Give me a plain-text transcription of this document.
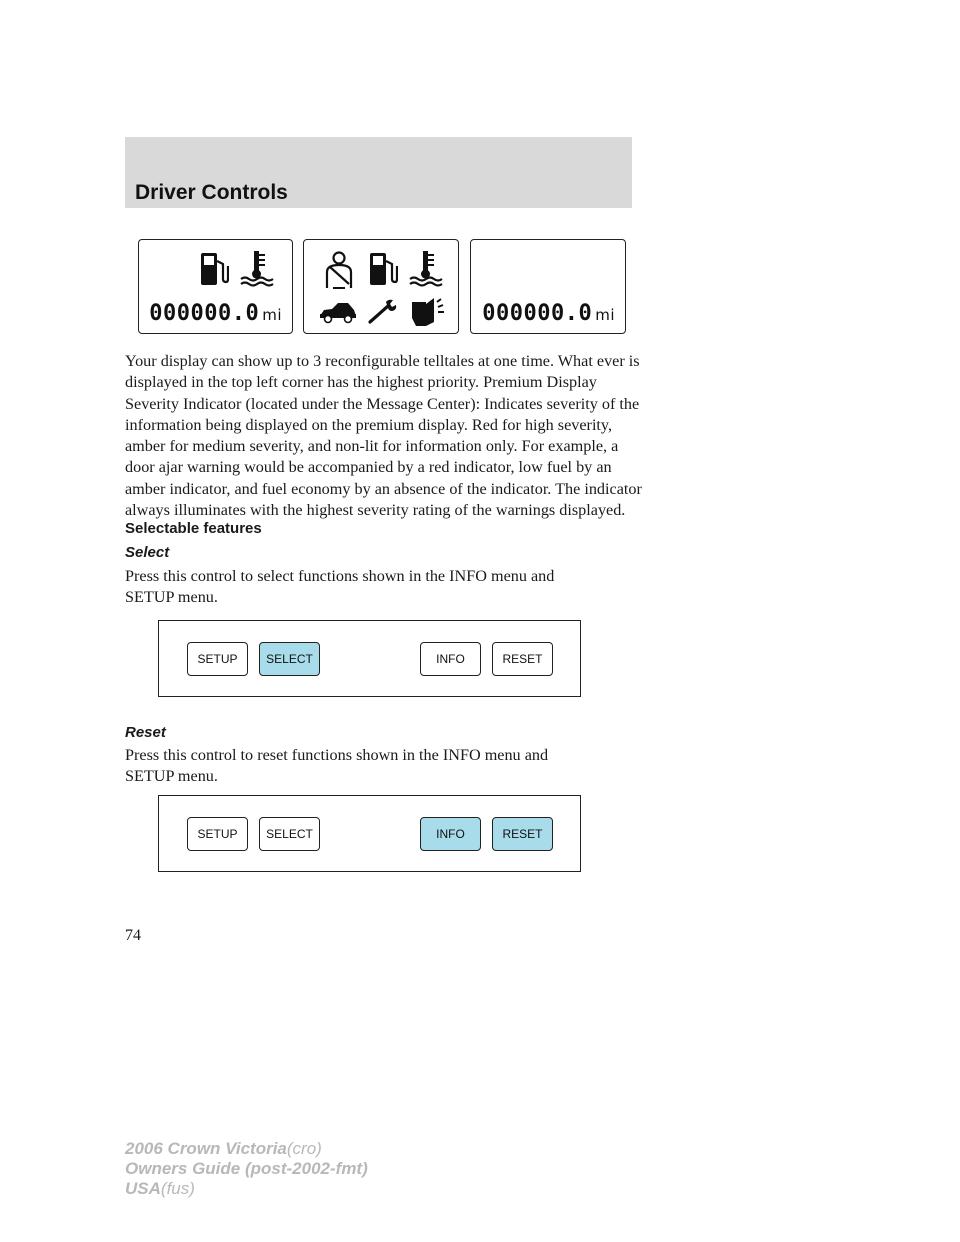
Driver Controls
000000.0 mi	000000.0 mi
Your display can show up to 3 reconfigurable telltales at one time. What ever is displayed in the top left corner has the highest priority. Premium Display Severity Indicator (located under the Message Center): Indicates severity of the information being displayed on the premium display. Red for high severity, amber for medium severity, and non-lit for information only. For example, a door ajar warning would be accompanied by a red indicator, low fuel by an amber indicator, and fuel economy by an absence of the indicator. The indicator always illuminates with the highest severity rating of the warnings displayed.
Selectable features
Select
Press this control to select functions shown in the INFO menu and SETUP menu.
SETUP	SELECT	INFO	RESET
Reset
Press this control to reset functions shown in the INFO menu and SETUP menu.
SETUP	SELECT	INFO	RESET
74
2006 Crown Victoria(cro)
Owners Guide (post-2002-fmt)
USA(fus)
